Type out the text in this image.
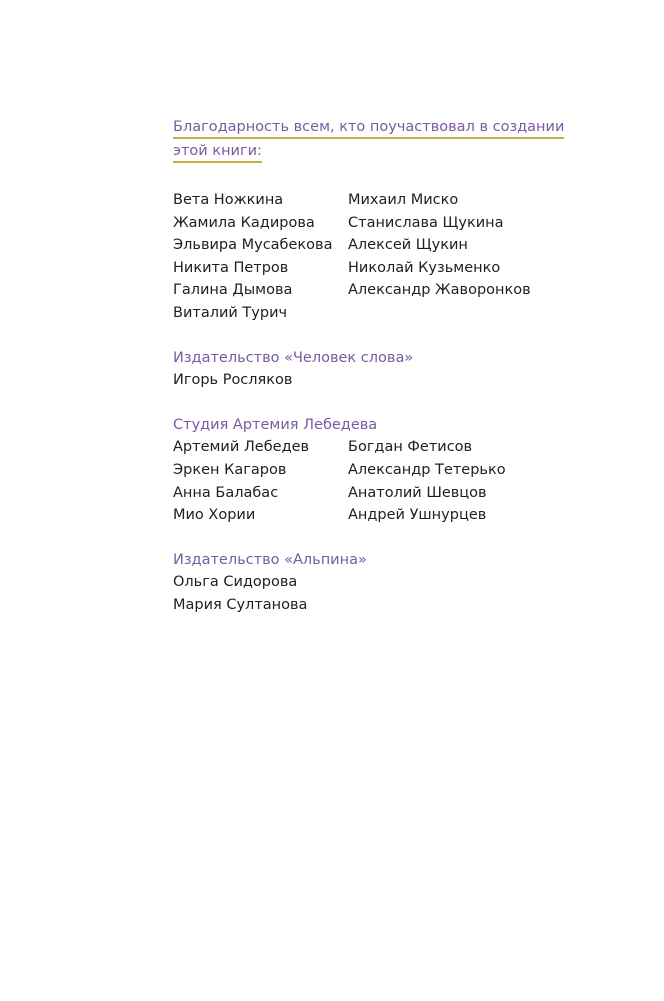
Благодарность всем, кто поучаствовал в создании
этой книги:

Вета Ножкина
Жамила Кадирова
Эльвира Мусабекова
Никита Петров
Галина Дымова
Виталий Турич
Михаил Миско
Станислава Щукина
Алексей Щукин
Николай Кузьменко
Александр Жаворонков
Издательство «Человек слова»
Игорь Росляков
Студия Артемия Лебедева
Артемий Лебедев
Эркен Кагаров
Анна Балабас
Мио Хории
Богдан Фетисов
Александр Тетерько
Анатолий Шевцов
Андрей Ушнурцев
Издательство «Альпина»
Ольга Сидорова
Мария Султанова
